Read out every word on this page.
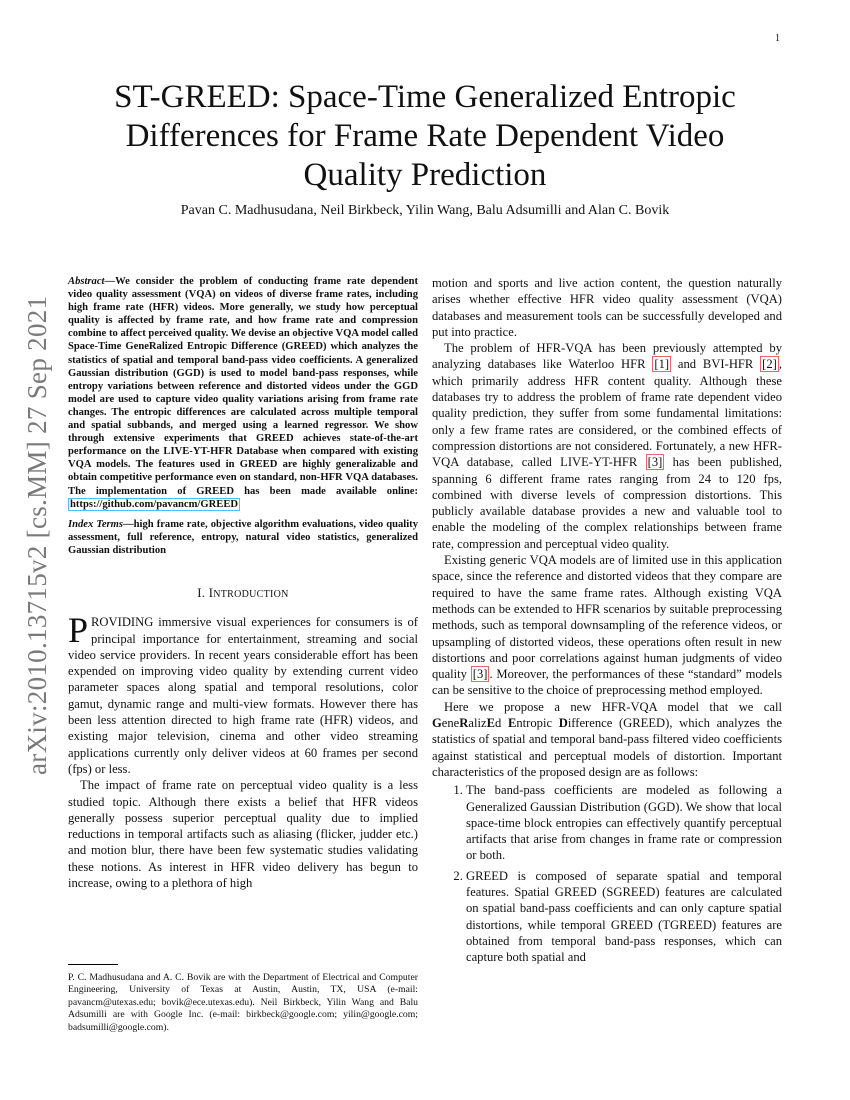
1
arXiv:2010.13715v2 [cs.MM] 27 Sep 2021
ST-GREED: Space-Time Generalized Entropic Differences for Frame Rate Dependent Video Quality Prediction
Pavan C. Madhusudana, Neil Birkbeck, Yilin Wang, Balu Adsumilli and Alan C. Bovik
Abstract—We consider the problem of conducting frame rate dependent video quality assessment (VQA) on videos of diverse frame rates, including high frame rate (HFR) videos. More generally, we study how perceptual quality is affected by frame rate, and how frame rate and compression combine to affect perceived quality. We devise an objective VQA model called Space-Time GeneRalized Entropic Difference (GREED) which analyzes the statistics of spatial and temporal band-pass video coefficients. A generalized Gaussian distribution (GGD) is used to model band-pass responses, while entropy variations between reference and distorted videos under the GGD model are used to capture video quality variations arising from frame rate changes. The entropic differences are calculated across multiple temporal and spatial subbands, and merged using a learned regressor. We show through extensive experiments that GREED achieves state-of-the-art performance on the LIVE-YT-HFR Database when compared with existing VQA models. The features used in GREED are highly generalizable and obtain competitive performance even on standard, non-HFR VQA databases. The implementation of GREED has been made available online: https://github.com/pavancm/GREED
Index Terms—high frame rate, objective algorithm evaluations, video quality assessment, full reference, entropy, natural video statistics, generalized Gaussian distribution
I. INTRODUCTION

PROVIDING immersive visual experiences for consumers is of principal importance for entertainment, streaming and social video service providers. In recent years considerable effort has been expended on improving video quality by extending current video parameter spaces along spatial and temporal resolutions, color gamut, dynamic range and multi-view formats. However there has been less attention directed to high frame rate (HFR) videos, and existing major television, cinema and other video streaming applications currently only deliver videos at 60 frames per second (fps) or less.

The impact of frame rate on perceptual video quality is a less studied topic. Although there exists a belief that HFR videos generally possess superior perceptual quality due to implied reductions in temporal artifacts such as aliasing (flicker, judder etc.) and motion blur, there have been few systematic studies validating these notions. As interest in HFR video delivery has begun to increase, owing to a plethora of high

motion and sports and live action content, the question naturally arises whether effective HFR video quality assessment (VQA) databases and measurement tools can be successfully developed and put into practice.

The problem of HFR-VQA has been previously attempted by analyzing databases like Waterloo HFR [1] and BVI-HFR [2] , which primarily address HFR content quality. Although these databases try to address the problem of frame rate dependent video quality prediction, they suffer from some fundamental limitations: only a few frame rates are considered, or the combined effects of compression distortions are not considered. Fortunately, a new HFR-VQA database, called LIVE-YT-HFR [3] has been published, spanning 6 different frame rates ranging from 24 to 120 fps, combined with diverse levels of compression distortions. This publicly available database provides a new and valuable tool to enable the modeling of the complex relationships between frame rate, compression and perceptual video quality.

Existing generic VQA models are of limited use in this application space, since the reference and distorted videos that they compare are required to have the same frame rates. Although existing VQA methods can be extended to HFR scenarios by suitable preprocessing methods, such as temporal downsampling of the reference videos, or upsampling of distorted videos, these operations often result in new distortions and poor correlations against human judgments of video quality [3] . Moreover, the performances of these “standard” models can be sensitive to the choice of preprocessing method employed.

Here we propose a new HFR-VQA model that we call GeneRalizEd Entropic Difference (GREED), which analyzes the statistics of spatial and temporal band-pass filtered video coefficients against statistical and perceptual models of distortion. Important characteristics of the proposed design are as follows:

1. The band-pass coefficients are modeled as following a Generalized Gaussian Distribution (GGD). We show that local space-time block entropies can effectively quantify perceptual artifacts that arise from changes in frame rate or compression or both.
2. GREED is composed of separate spatial and temporal features. Spatial GREED (SGREED) features are calculated on spatial band-pass coefficients and can only capture spatial distortions, while temporal GREED (TGREED) features are obtained from temporal band-pass responses, which can capture both spatial and
P. C. Madhusudana and A. C. Bovik are with the Department of Electrical and Computer Engineering, University of Texas at Austin, Austin, TX, USA (e-mail: pavancm@utexas.edu; bovik@ece.utexas.edu). Neil Birkbeck, Yilin Wang and Balu Adsumilli are with Google Inc. (e-mail: birkbeck@google.com; yilin@google.com; badsumilli@google.com).
